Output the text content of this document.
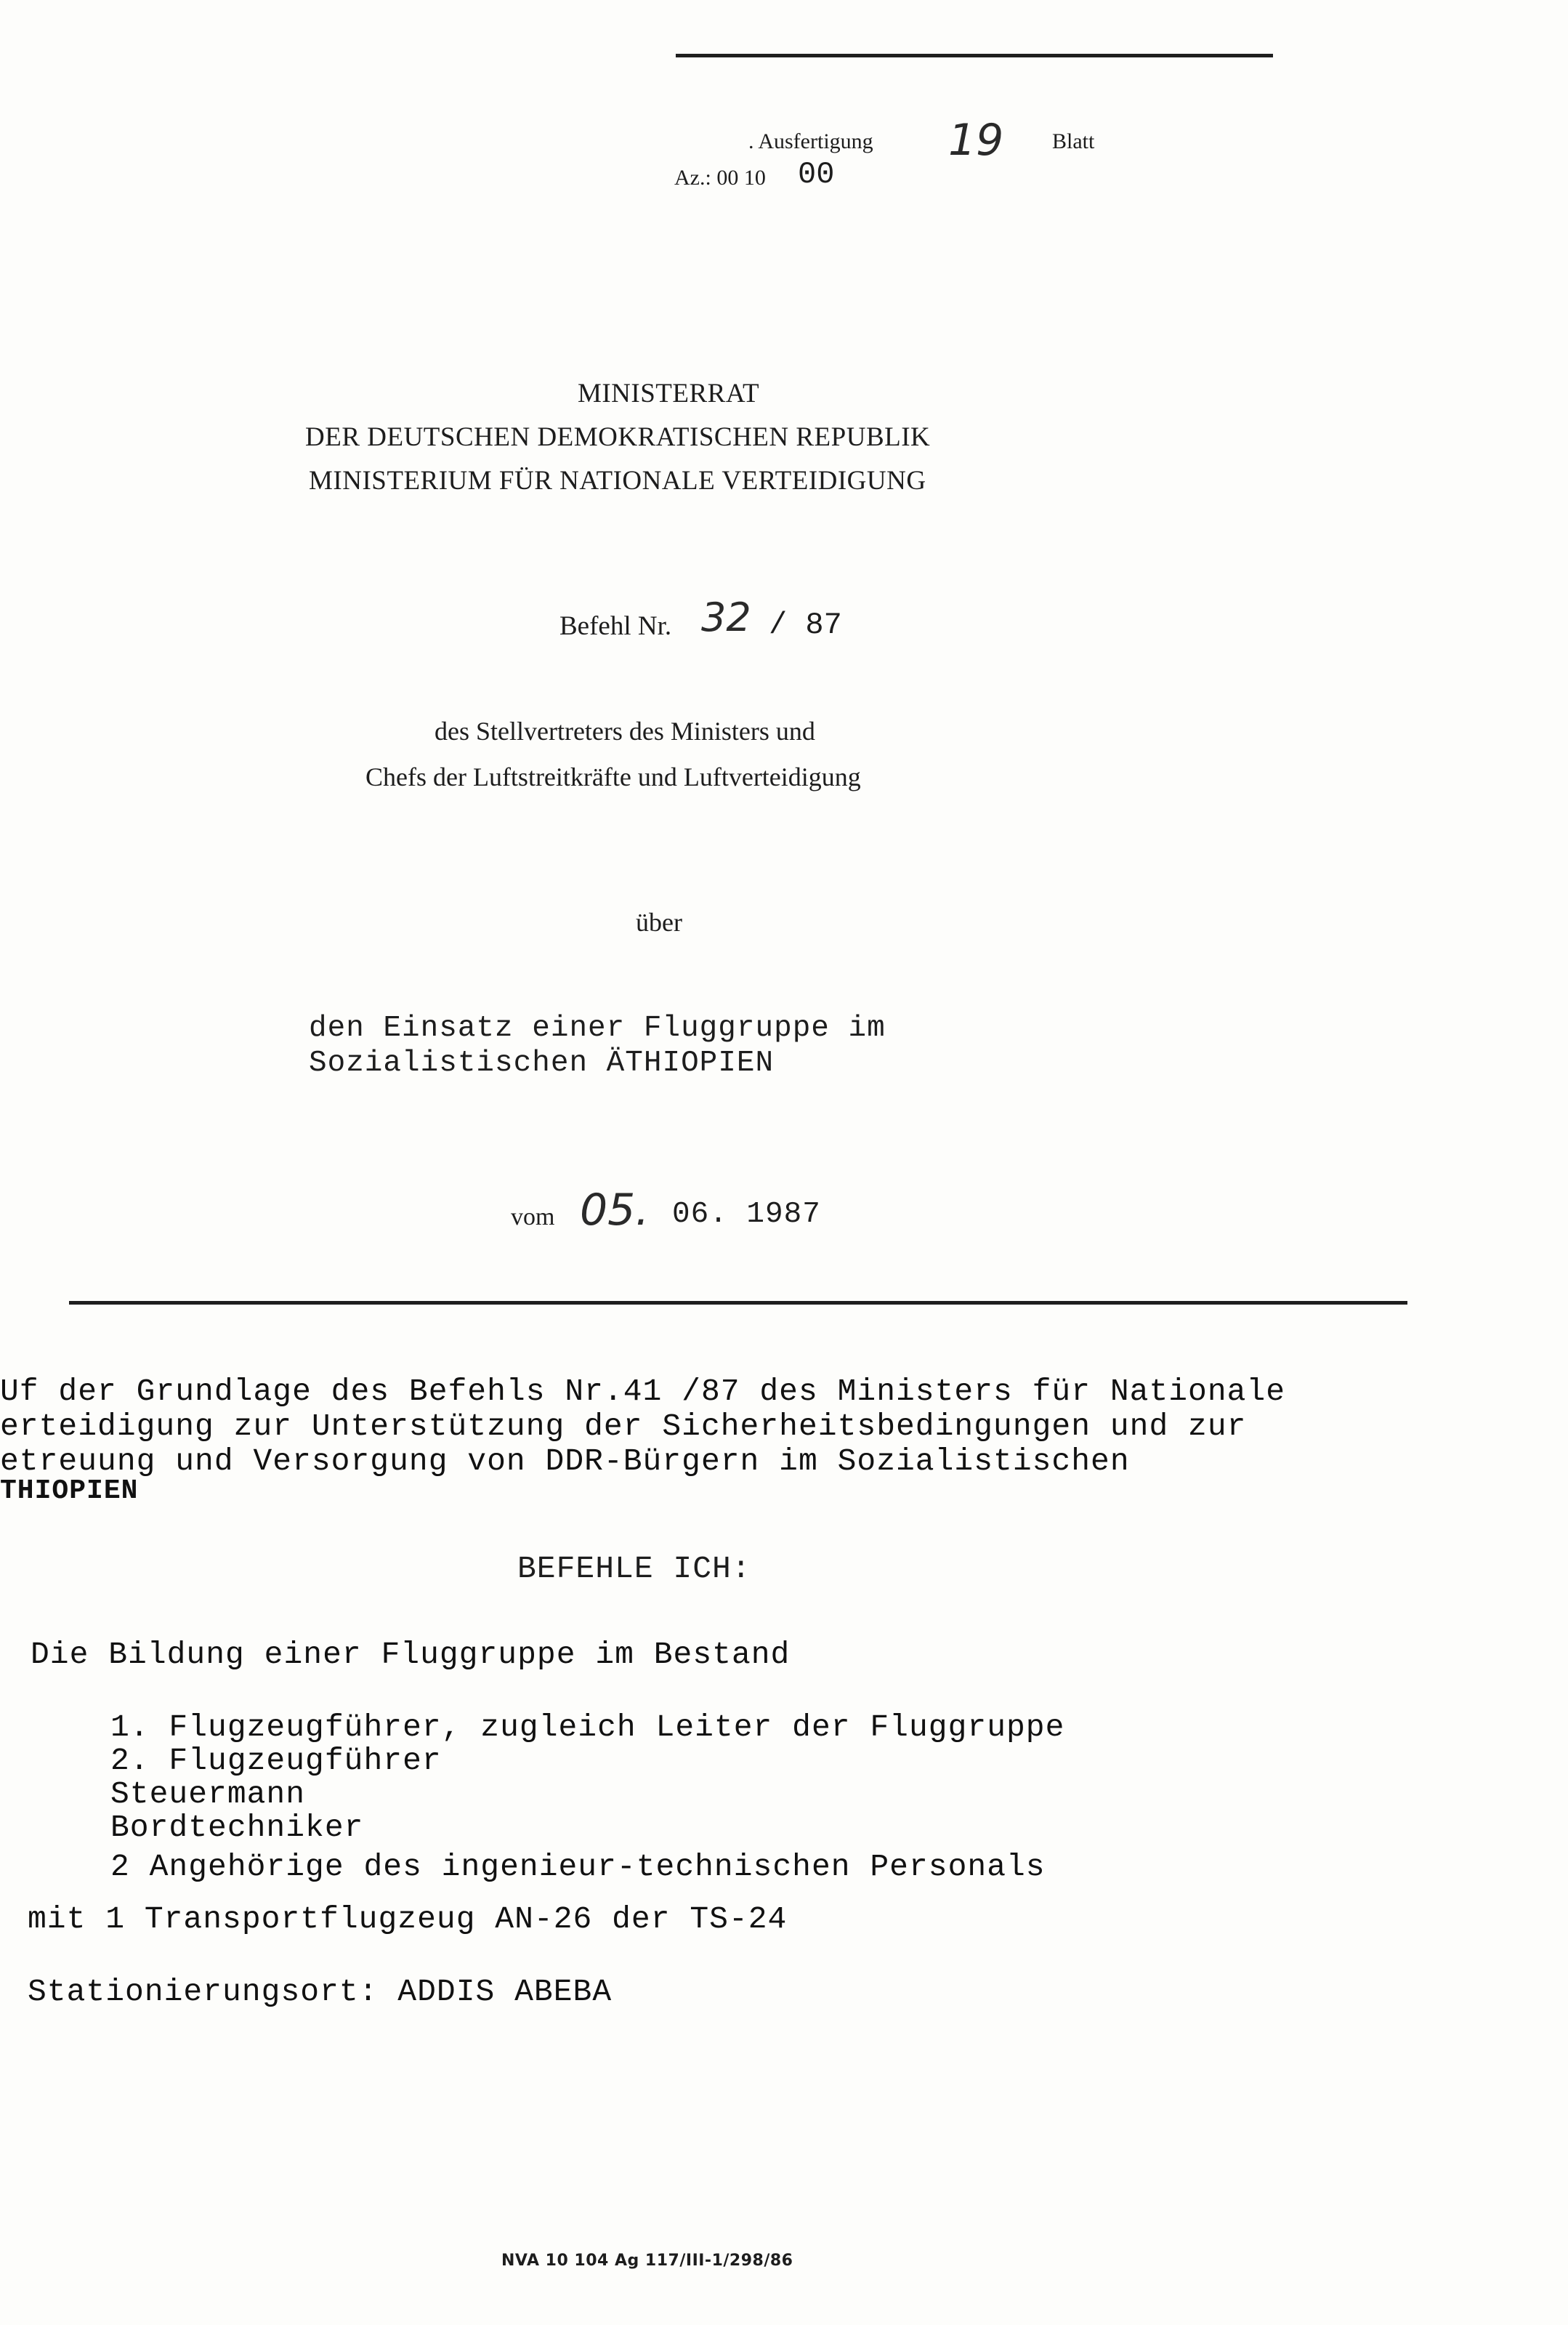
. Ausfertigung 19 Blatt
Az.: 00 10 00
MINISTERRAT
DER DEUTSCHEN DEMOKRATISCHEN REPUBLIK
MINISTERIUM FÜR NATIONALE VERTEIDIGUNG
Befehl Nr. 32 / 87
des Stellvertreters des Ministers und
Chefs der Luftstreitkräfte und Luftverteidigung
über
den Einsatz einer Fluggruppe im
Sozialistischen ÄTHIOPIEN
vom 05. 06. 1987
Uf der Grundlage des Befehls Nr.41 /87 des Ministers für Nationale
erteidigung zur Unterstützung der Sicherheitsbedingungen und zur
etreuung und Versorgung von DDR-Bürgern im Sozialistischen
THIOPIEN
BEFEHLE ICH:
Die Bildung einer Fluggruppe im Bestand
1. Flugzeugführer, zugleich Leiter der Fluggruppe
2. Flugzeugführer
Steuermann
Bordtechniker
2 Angehörige des ingenieur-technischen Personals
mit 1 Transportflugzeug AN-26 der TS-24
Stationierungsort: ADDIS ABEBA
NVA 10 104 Ag 117/III-1/298/86
